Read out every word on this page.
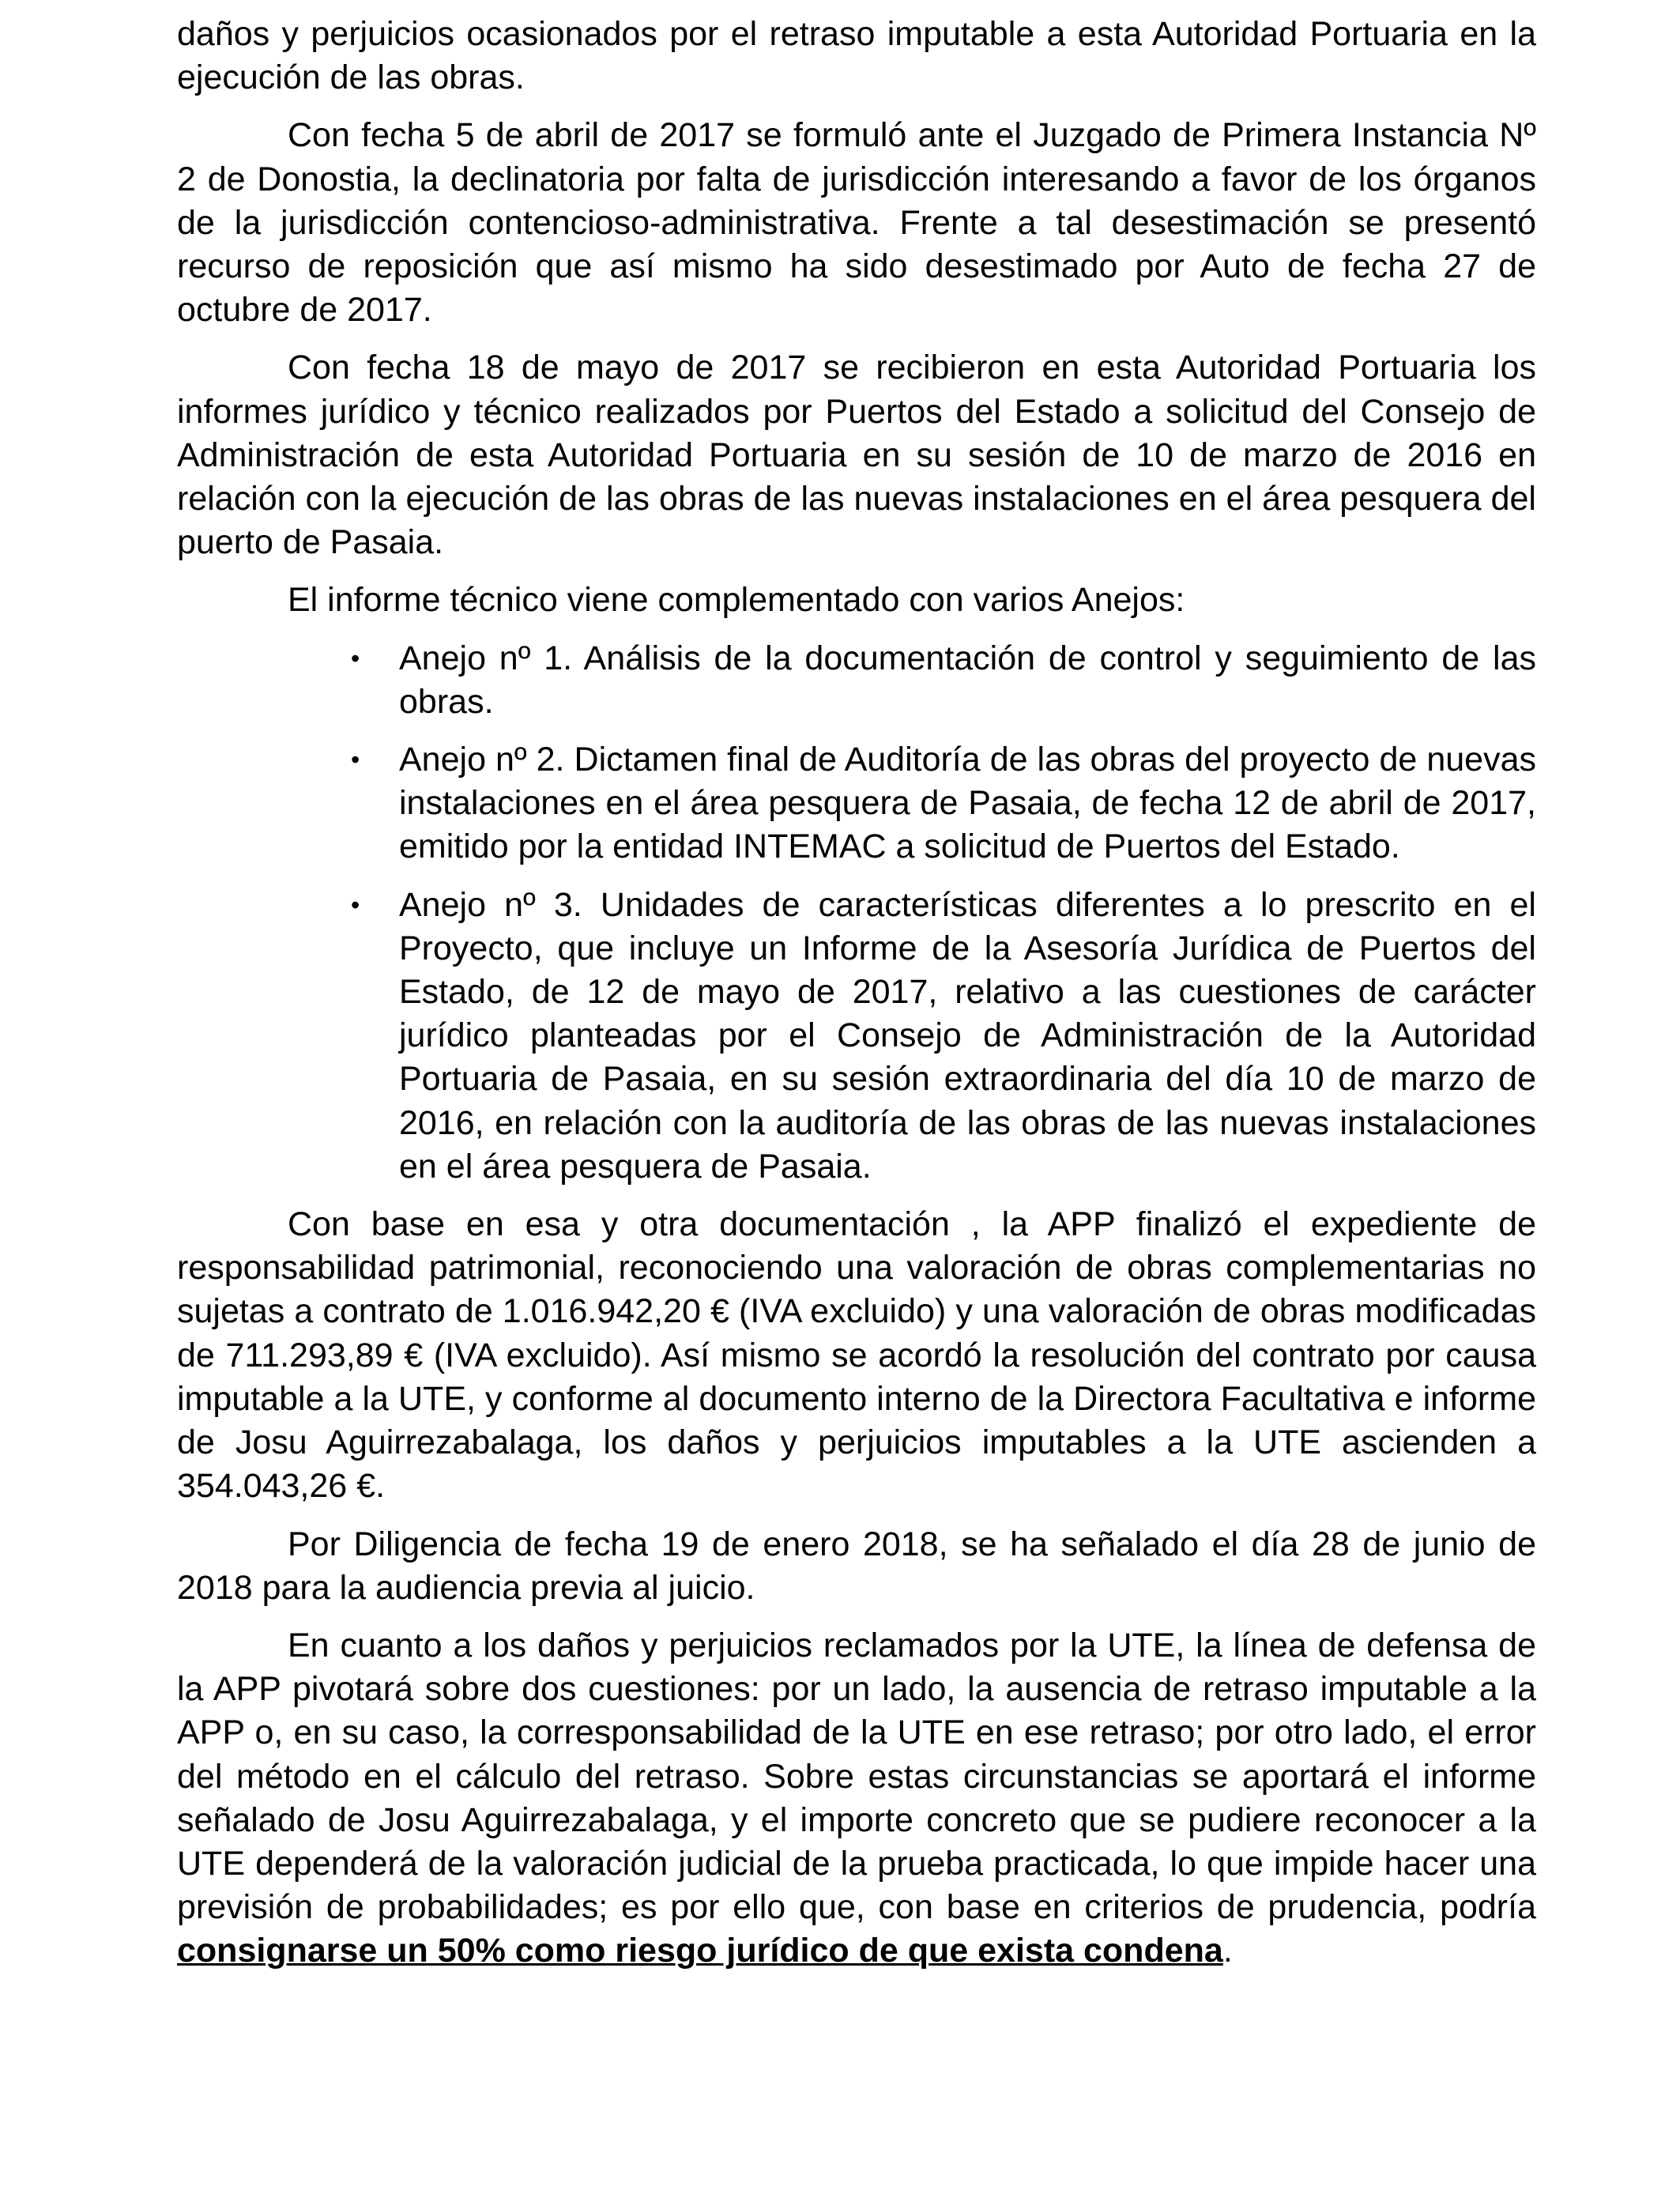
daños y perjuicios ocasionados por el retraso imputable a esta Autoridad Portuaria en la ejecución de las obras.

Con fecha 5 de abril de 2017 se formuló ante el Juzgado de Primera Instancia Nº 2 de Donostia, la declinatoria por falta de jurisdicción interesando a favor de los órganos de la jurisdicción contencioso-administrativa. Frente a tal desestimación se presentó recurso de reposición que así mismo ha sido desestimado por Auto de fecha 27 de octubre de 2017.

Con fecha 18 de mayo de 2017 se recibieron en esta Autoridad Portuaria los informes jurídico y técnico realizados por Puertos del Estado a solicitud del Consejo de Administración de esta Autoridad Portuaria en su sesión de 10 de marzo de 2016 en relación con la ejecución de las obras de las nuevas instalaciones en el área pesquera del puerto de Pasaia.

El informe técnico viene complementado con varios Anejos:

• Anejo nº 1. Análisis de la documentación de control y seguimiento de las obras.
• Anejo nº 2. Dictamen final de Auditoría de las obras del proyecto de nuevas instalaciones en el área pesquera de Pasaia, de fecha 12 de abril de 2017, emitido por la entidad INTEMAC a solicitud de Puertos del Estado.
• Anejo nº 3. Unidades de características diferentes a lo prescrito en el Proyecto, que incluye un Informe de la Asesoría Jurídica de Puertos del Estado, de 12 de mayo de 2017, relativo a las cuestiones de carácter jurídico planteadas por el Consejo de Administración de la Autoridad Portuaria de Pasaia, en su sesión extraordinaria del día 10 de marzo de 2016, en relación con la auditoría de las obras de las nuevas instalaciones en el área pesquera de Pasaia.

Con base en esa y otra documentación , la APP finalizó el expediente de responsabilidad patrimonial, reconociendo una valoración de obras complementarias no sujetas a contrato de 1.016.942,20 € (IVA excluido) y una valoración de obras modificadas de 711.293,89 € (IVA excluido). Así mismo se acordó la resolución del contrato por causa imputable a la UTE, y conforme al documento interno de la Directora Facultativa e informe de Josu Aguirrezabalaga, los daños y perjuicios imputables a la UTE ascienden a 354.043,26 €.

Por Diligencia de fecha 19 de enero 2018, se ha señalado el día 28 de junio de 2018 para la audiencia previa al juicio.

En cuanto a los daños y perjuicios reclamados por la UTE, la línea de defensa de la APP pivotará sobre dos cuestiones: por un lado, la ausencia de retraso imputable a la APP o, en su caso, la corresponsabilidad de la UTE en ese retraso; por otro lado, el error del método en el cálculo del retraso. Sobre estas circunstancias se aportará el informe señalado de Josu Aguirrezabalaga, y el importe concreto que se pudiere reconocer a la UTE dependerá de la valoración judicial de la prueba practicada, lo que impide hacer una previsión de probabilidades; es por ello que, con base en criterios de prudencia, podría consignarse un 50% como riesgo jurídico de que exista condena.
